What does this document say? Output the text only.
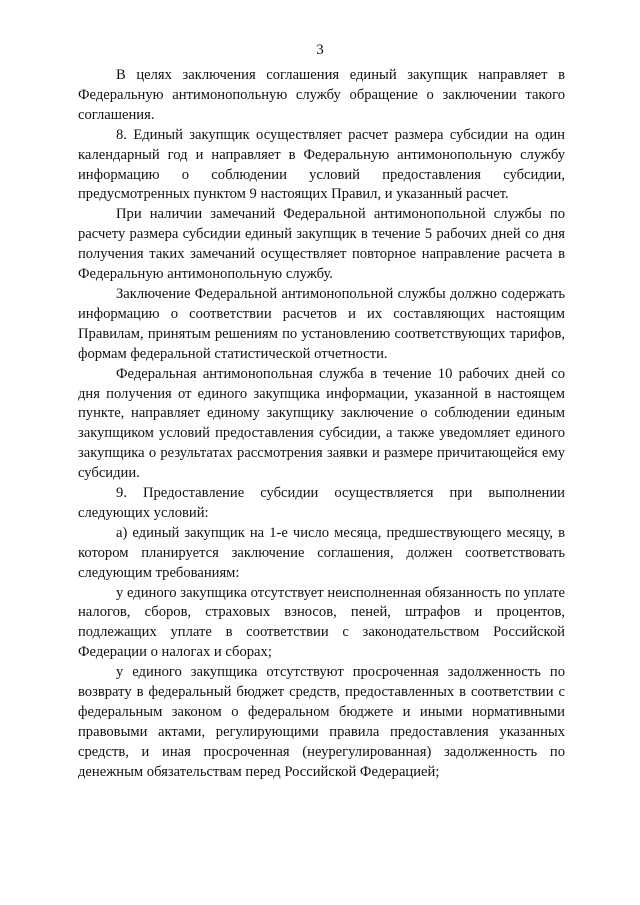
3

В целях заключения соглашения единый закупщик направляет в Федеральную антимонопольную службу обращение о заключении такого соглашения.

8. Единый закупщик осуществляет расчет размера субсидии на один календарный год и направляет в Федеральную антимонопольную службу информацию о соблюдении условий предоставления субсидии, предусмотренных пунктом 9 настоящих Правил, и указанный расчет.

При наличии замечаний Федеральной антимонопольной службы по расчету размера субсидии единый закупщик в течение 5 рабочих дней со дня получения таких замечаний осуществляет повторное направление расчета в Федеральную антимонопольную службу.

Заключение Федеральной антимонопольной службы должно содержать информацию о соответствии расчетов и их составляющих настоящим Правилам, принятым решениям по установлению соответствующих тарифов, формам федеральной статистической отчетности.

Федеральная антимонопольная служба в течение 10 рабочих дней со дня получения от единого закупщика информации, указанной в настоящем пункте, направляет единому закупщику заключение о соблюдении единым закупщиком условий предоставления субсидии, а также уведомляет единого закупщика о результатах рассмотрения заявки и размере причитающейся ему субсидии.

9. Предоставление субсидии осуществляется при выполнении следующих условий:

а) единый закупщик на 1-е число месяца, предшествующего месяцу, в котором планируется заключение соглашения, должен соответствовать следующим требованиям:

у единого закупщика отсутствует неисполненная обязанность по уплате налогов, сборов, страховых взносов, пеней, штрафов и процентов, подлежащих уплате в соответствии с законодательством Российской Федерации о налогах и сборах;

у единого закупщика отсутствуют просроченная задолженность по возврату в федеральный бюджет средств, предоставленных в соответствии с федеральным законом о федеральном бюджете и иными нормативными правовыми актами, регулирующими правила предоставления указанных средств, и иная просроченная (неурегулированная) задолженность по денежным обязательствам перед Российской Федерацией;
